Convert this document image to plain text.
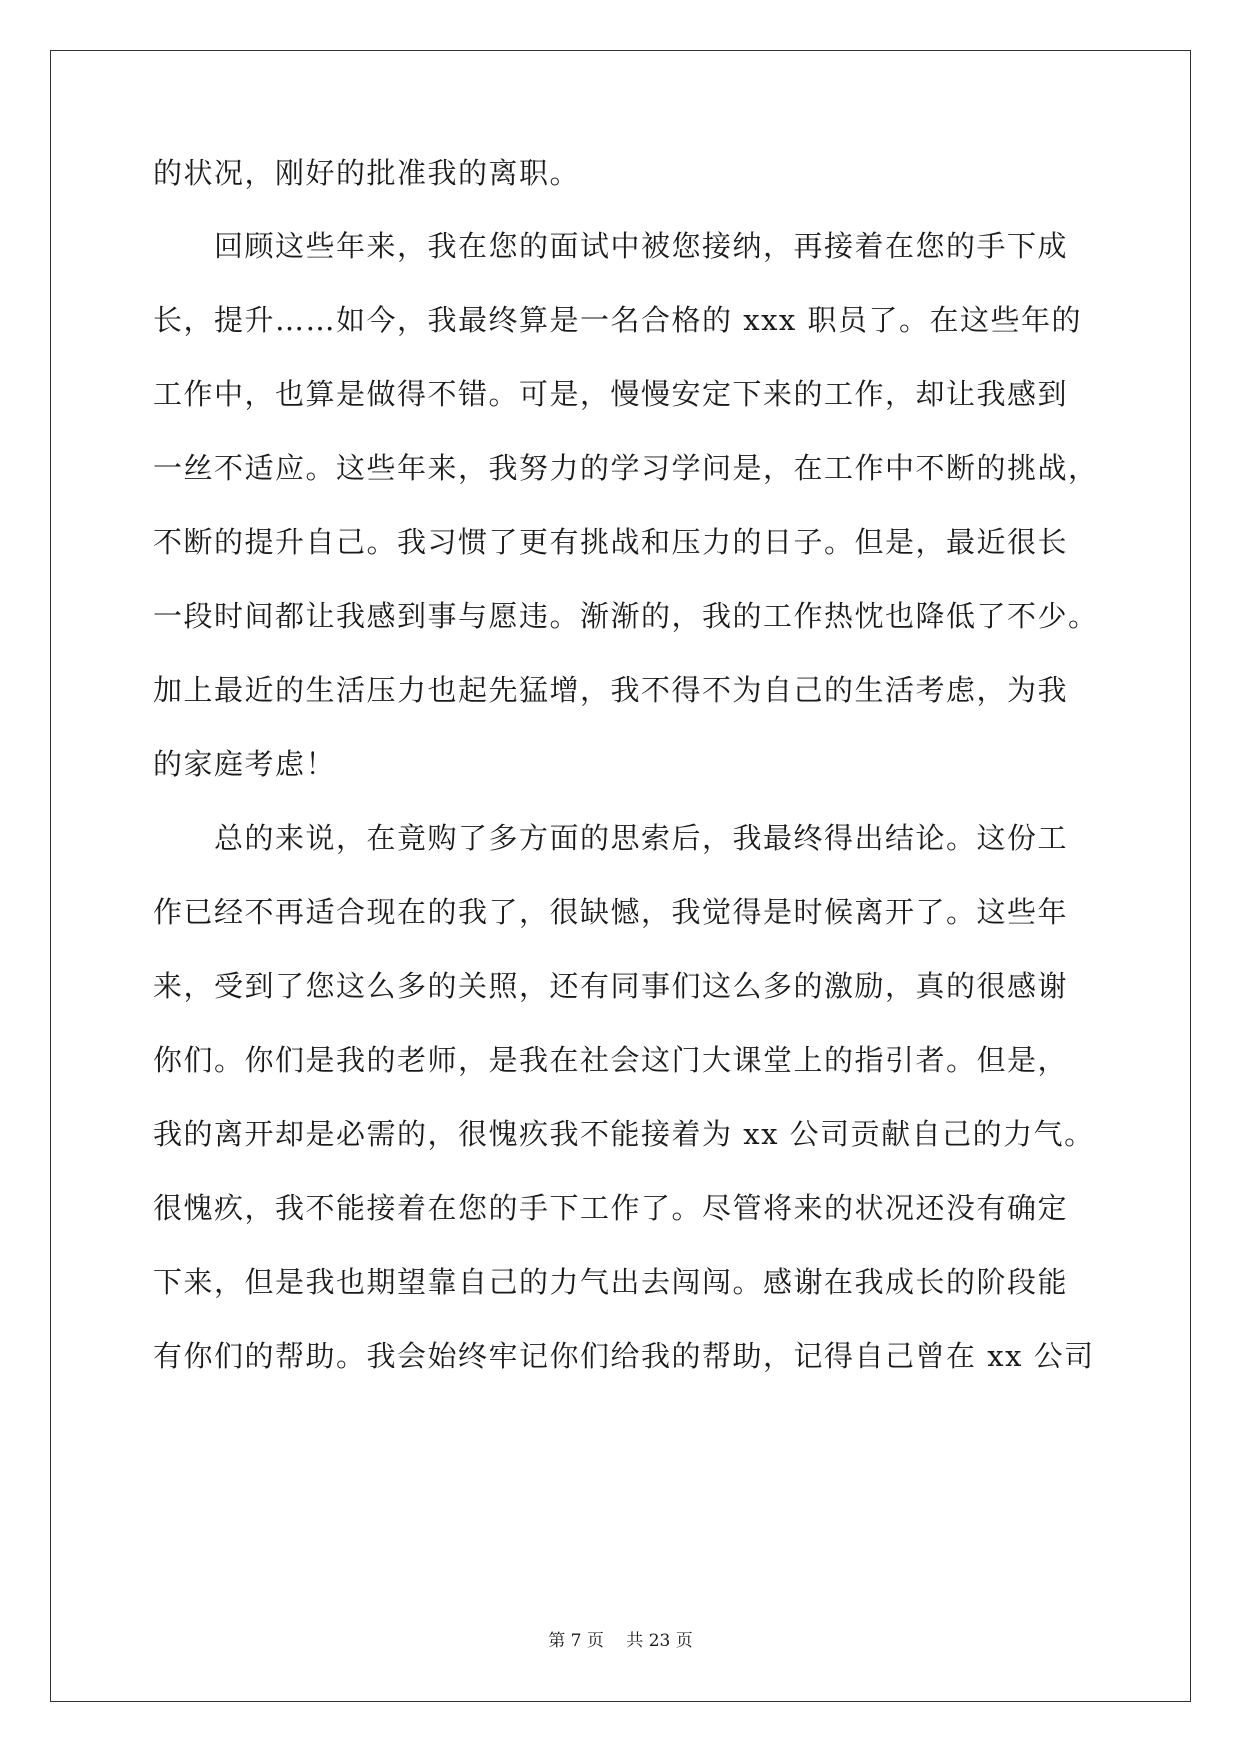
的状况，刚好的批准我的离职。
　　回顾这些年来，我在您的面试中被您接纳，再接着在您的手下成
长，提升……如今，我最终算是一名合格的 xxx 职员了。在这些年的
工作中，也算是做得不错。可是，慢慢安定下来的工作，却让我感到
一丝不适应。这些年来，我努力的学习学问是，在工作中不断的挑战，
不断的提升自己。我习惯了更有挑战和压力的日子。但是，最近很长
一段时间都让我感到事与愿违。渐渐的，我的工作热忱也降低了不少。
加上最近的生活压力也起先猛增，我不得不为自己的生活考虑，为我
的家庭考虑！
　　总的来说，在竟购了多方面的思索后，我最终得出结论。这份工
作已经不再适合现在的我了，很缺憾，我觉得是时候离开了。这些年
来，受到了您这么多的关照，还有同事们这么多的激励，真的很感谢
你们。你们是我的老师，是我在社会这门大课堂上的指引者。但是，
我的离开却是必需的，很愧疚我不能接着为 xx 公司贡献自己的力气。
很愧疚，我不能接着在您的手下工作了。尽管将来的状况还没有确定
下来，但是我也期望靠自己的力气出去闯闯。感谢在我成长的阶段能
有你们的帮助。我会始终牢记你们给我的帮助，记得自己曾在 xx 公司
第 7 页　 共 23 页
